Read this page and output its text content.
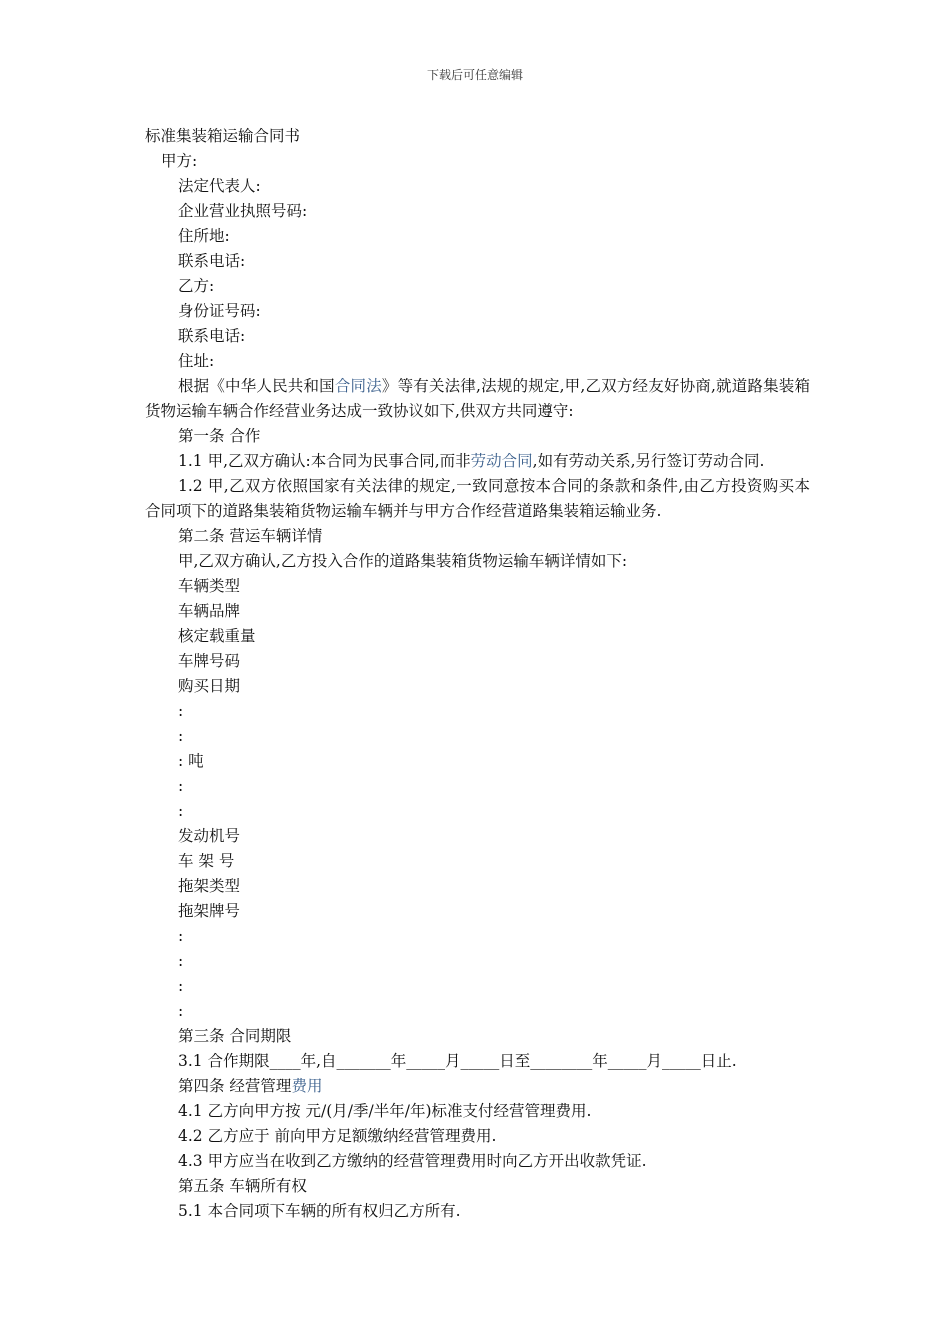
下载后可任意编辑
标准集装箱运输合同书
甲方:
法定代表人:
企业营业执照号码:
住所地:
联系电话:
乙方:
身份证号码:
联系电话:
住址:
根据《中华人民共和国合同法》等有关法律,法规的规定,甲,乙双方经友好协商,就道路集装箱货物运输车辆合作经营业务达成一致协议如下,供双方共同遵守:
第一条 合作
1.1 甲,乙双方确认:本合同为民事合同,而非劳动合同,如有劳动关系,另行签订劳动合同.
1.2 甲,乙双方依照国家有关法律的规定,一致同意按本合同的条款和条件,由乙方投资购买本合同项下的道路集装箱货物运输车辆并与甲方合作经营道路集装箱运输业务.
第二条 营运车辆详情
甲,乙双方确认,乙方投入合作的道路集装箱货物运输车辆详情如下:
车辆类型
车辆品牌
核定载重量
车牌号码
购买日期
:
:
: 吨
:
:
发动机号
车 架 号
拖架类型
拖架牌号
:
:
:
:
第三条 合同期限
3.1 合作期限____年,自_______年_____月_____日至________年_____月_____日止.
第四条 经营管理费用
4.1 乙方向甲方按 元/(月/季/半年/年)标准支付经营管理费用.
4.2 乙方应于 前向甲方足额缴纳经营管理费用.
4.3 甲方应当在收到乙方缴纳的经营管理费用时向乙方开出收款凭证.
第五条 车辆所有权
5.1 本合同项下车辆的所有权归乙方所有.
